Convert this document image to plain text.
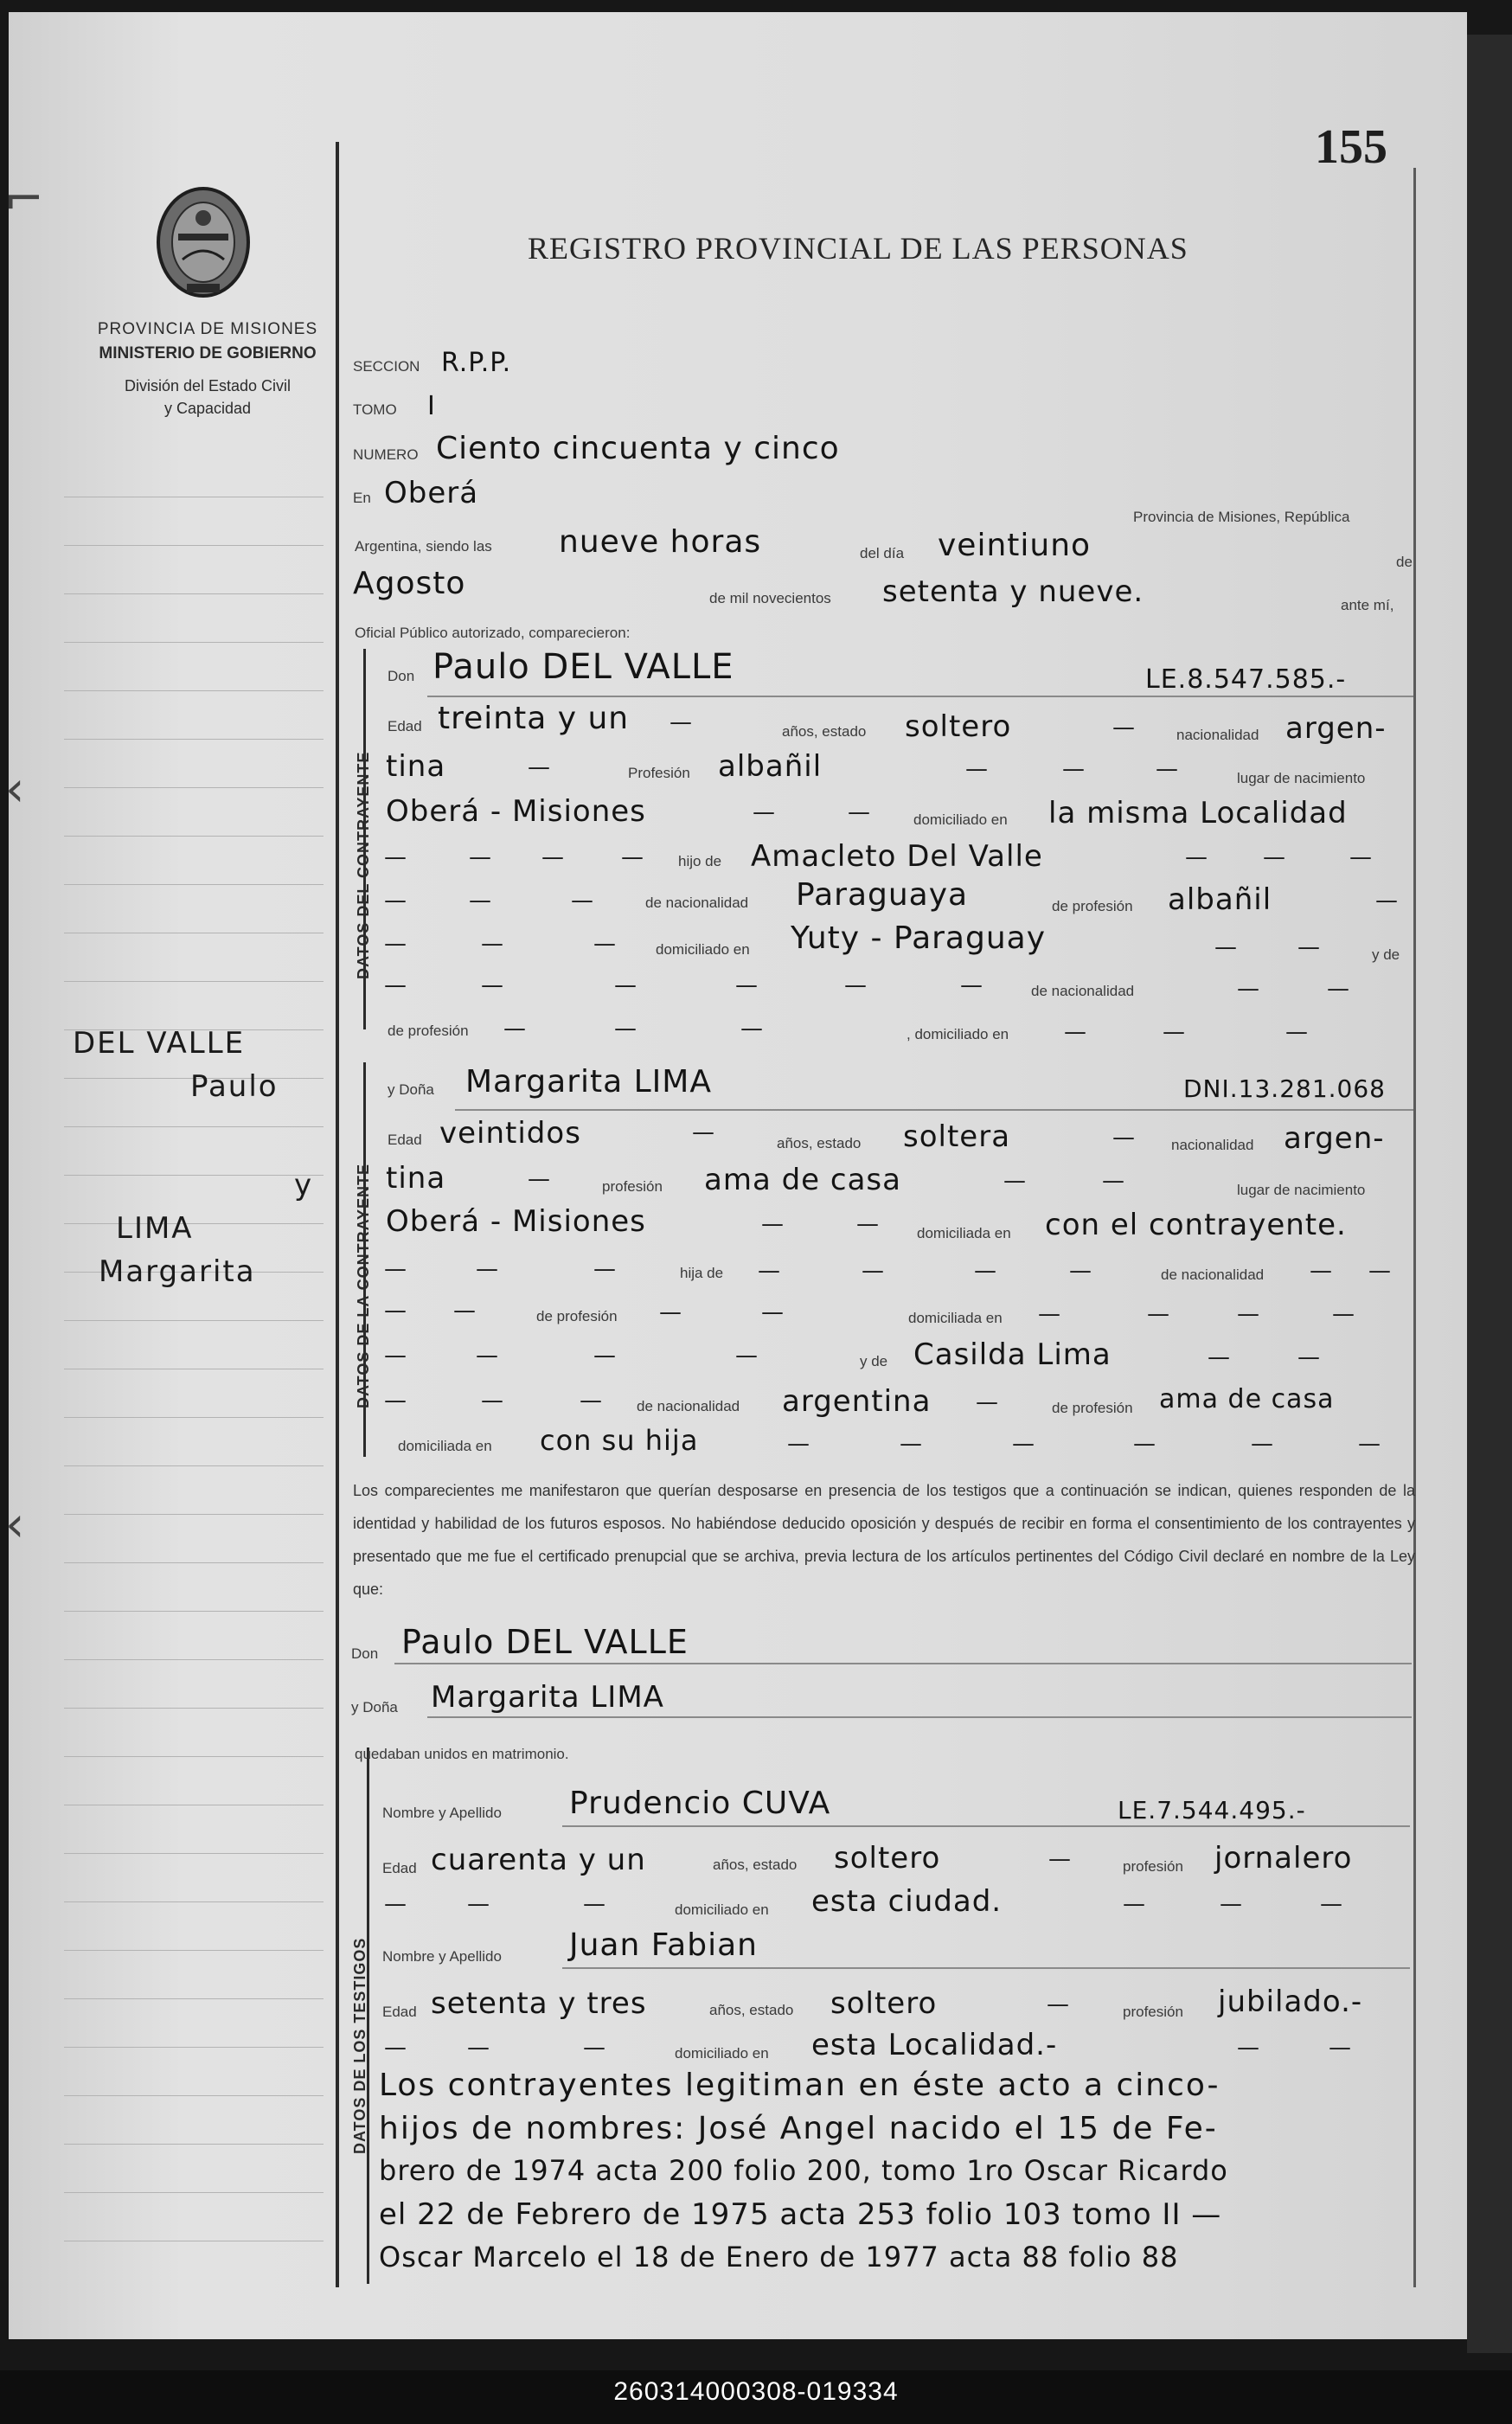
⌐
‹
‹
PROVINCIA DE MISIONES
MINISTERIO DE GOBIERNO
División del Estado Civil
y Capacidad
DEL VALLE
Paulo
y
LIMA
Margarita
155
REGISTRO PROVINCIAL DE LAS PERSONAS
SECCION R.P.P.
TOMO I
NUMERO Ciento cincuenta y cinco
En Oberá
Provincia de Misiones, República
Argentina, siendo las nueve horas	del día veintiuno	de
Agosto	de mil novecientos setenta y nueve.	ante mí,
Oficial Público autorizado, comparecieron:
DATOS DEL CONTRAYENTE
Don Paulo DEL VALLE	LE.8.547.585.-
Edad treinta y un —	años, estado soltero	—	nacionalidad argen-
tina	—	Profesión albañil	—	—	—	lugar de nacimiento
Oberá - Misiones	—	—	domiciliado en la misma Localidad
—	— —	— hijo de Amacleto Del Valle	— —	—
—	—	—	de nacionalidad Paraguaya	de profesión albañil	—
—	—	—	domiciliado en Yuty - Paraguay	—	—	y de
—	—	—	—	—	—	de nacionalidad	—	—
de profesión —	—	—	, domiciliado en —	—	—
DATOS DE LA CONTRAYENTE
y Doña Margarita LIMA	DNI.13.281.068
Edad veintidos	—	años, estado soltera	— nacionalidad argen-
tina	—	profesión ama de casa	—	—	lugar de nacimiento
Oberá - Misiones	—	—	domiciliada en con el contrayente.
—	—	—	hija de —	—	—	—	de nacionalidad — —
— —	de profesión —	—	domiciliada en —	—	—	—
—	—	—	—	y de Casilda Lima	—	—
—	—	— de nacionalidad argentina —	de profesión ama de casa
domiciliada en con su hija	—	—	—	—	—	—
Los comparecientes me manifestaron que querían desposarse en presencia de los testigos que a continuación se indican, quienes responden de la identidad y habilidad de los futuros esposos. No habiéndose deducido oposición y después de recibir en forma el consentimiento de los contrayentes y presentado que me fue el certificado prenupcial que se archiva, previa lectura de los artículos pertinentes del Código Civil declaré en nombre de la Ley que:
Don Paulo DEL VALLE
y Doña Margarita LIMA
quedaban unidos en matrimonio.
DATOS DE LOS TESTIGOS
Nombre y Apellido Prudencio CUVA	LE.7.544.495.-
Edad cuarenta y un	años, estado soltero	—	profesión jornalero
—	—	—	domiciliado en esta ciudad.	—	—	—
Nombre y Apellido Juan Fabian
Edad setenta y tres	años, estado soltero	—	profesión jubilado.-
—	—	—	domiciliado en esta Localidad.-	—	—
Los contrayentes legitiman en éste acto a cinco-
hijos de nombres: José Angel nacido el 15 de Fe-
brero de 1974 acta 200 folio 200, tomo 1ro Oscar Ricardo
el 22 de Febrero de 1975 acta 253 folio 103 tomo II —
Oscar Marcelo el 18 de Enero de 1977 acta 88 folio 88
260314000308-019334
